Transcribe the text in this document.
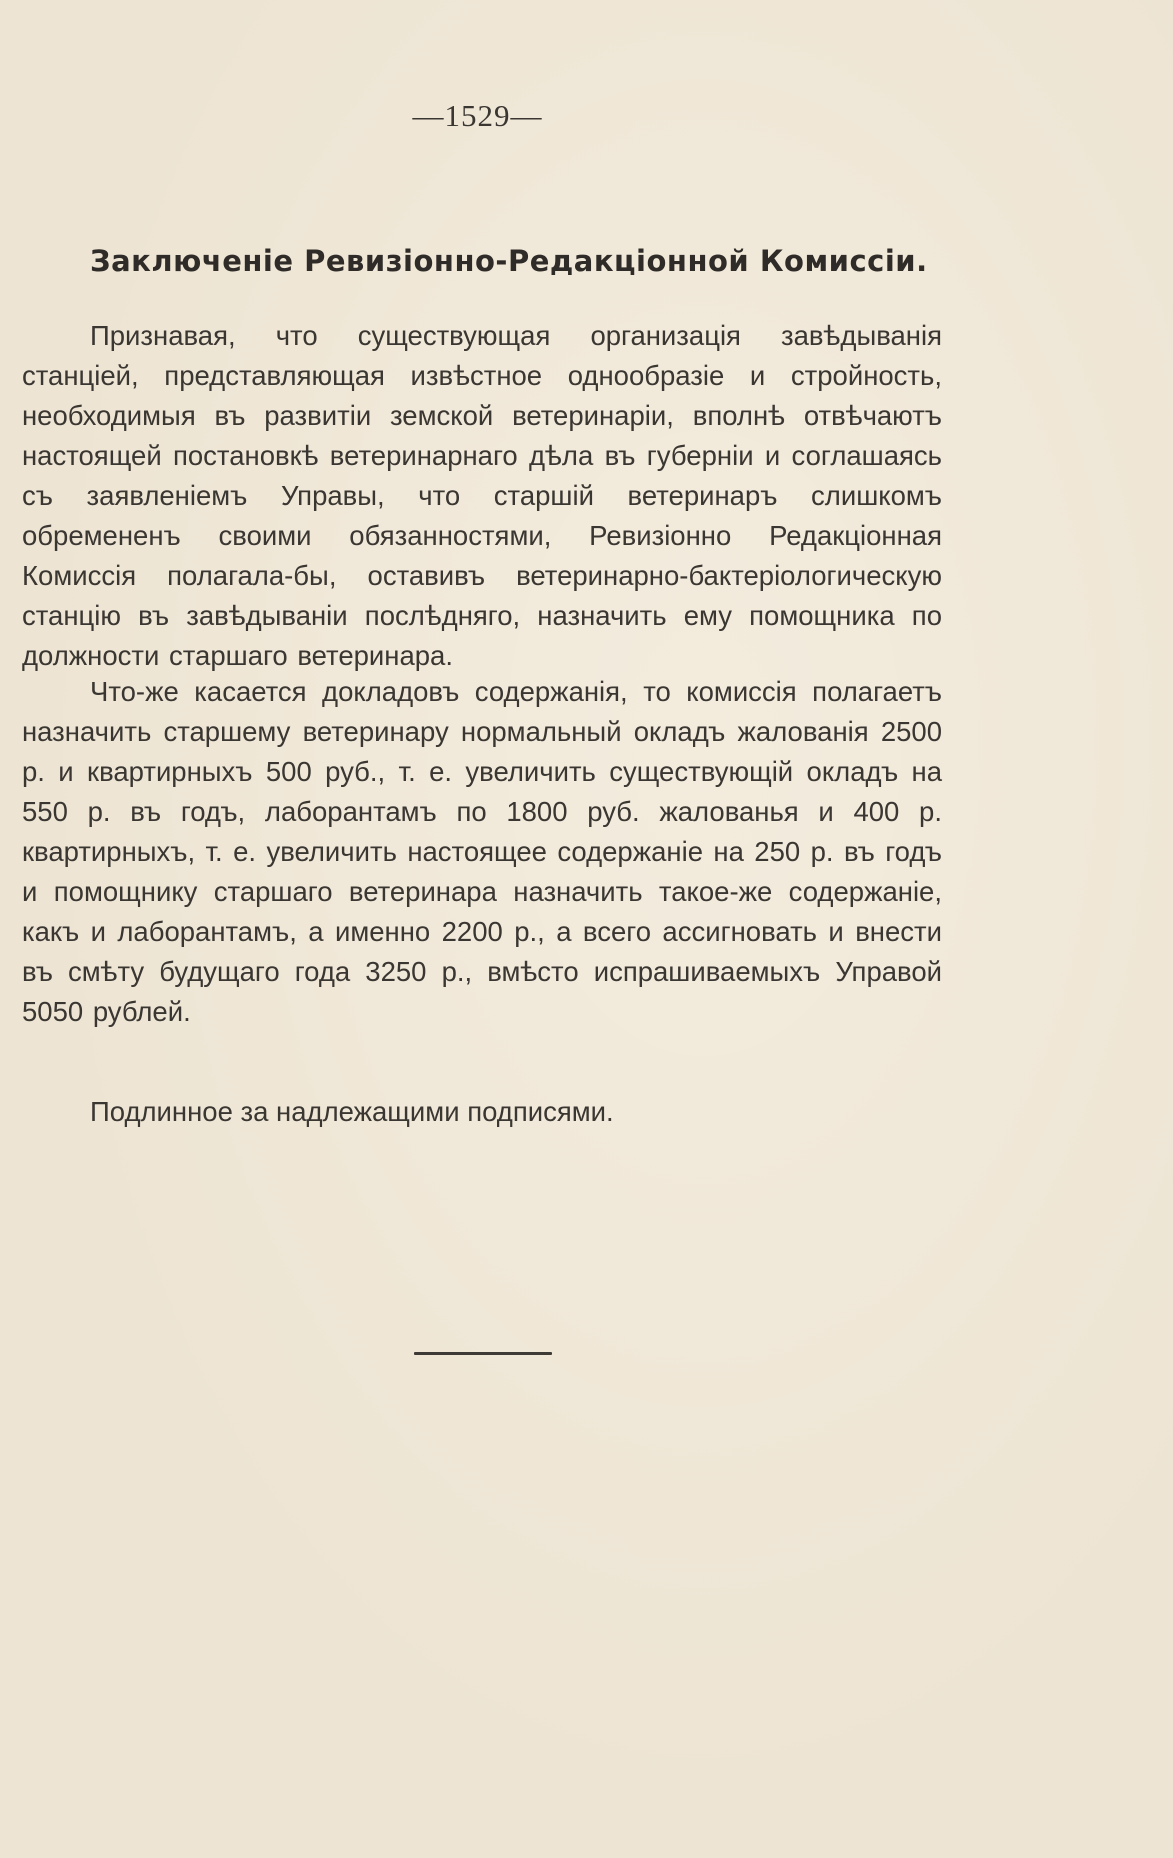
—1529—
Заключеніе Ревизіонно-Редакціонной Комиссіи.

Признавая, что существующая организація завѣдыванія станціей, представляющая извѣстное однообразіе и стройность, необходимыя въ развитіи земской ветеринаріи, вполнѣ отвѣчаютъ настоящей постановкѣ ветеринарнаго дѣла въ губерніи и соглашаясь съ заявленіемъ Управы, что старшій ветеринаръ слишкомъ обремененъ своими обязанностями, Ревизіонно Редакціонная Комиссія полагала-бы, оставивъ ветеринарно-бактеріологическую станцію въ завѣдываніи послѣдняго, назначить ему помощника по должности старшаго ветеринара.

Что-же касается докладовъ содержанія, то комиссія полагаетъ назначить старшему ветеринару нормальный окладъ жалованія 2500 р. и квартирныхъ 500 руб., т. е. увеличить существующій окладъ на 550 р. въ годъ, лаборантамъ по 1800 руб. жалованья и 400 р. квартирныхъ, т. е. увеличить настоящее содержаніе на 250 р. въ годъ и помощнику старшаго ветеринара назначить такое-же содержаніе, какъ и лаборантамъ, а именно 2200 р., а всего ассигновать и внести въ смѣту будущаго года 3250 р., вмѣсто испрашиваемыхъ Управой 5050 рублей.

Подлинное за надлежащими подписями.
